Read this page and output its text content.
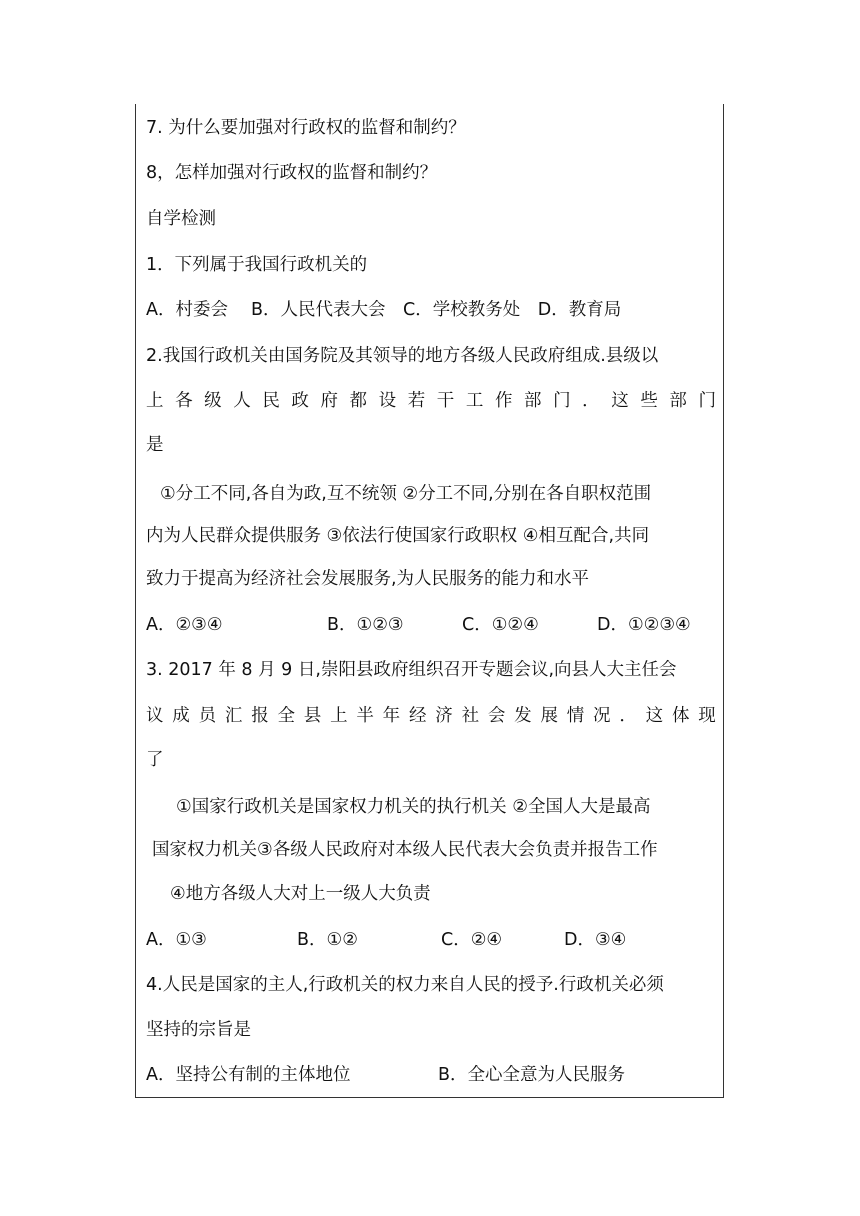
7. 为什么要加强对行政权的监督和制约？
8，怎样加强对行政权的监督和制约？
自学检测
1．下列属于我国行政机关的
A．村委会　 B．人民代表大会　C．学校教务处　D．教育局
2.我国行政机关由国务院及其领导的地方各级人民政府组成.县级以
上 各 级 人 民 政 府 都 设 若 干 工 作 部 门 ． 这 些 部 门
是
①分工不同,各自为政,互不统领 ②分工不同,分别在各自职权范围
内为人民群众提供服务 ③依法行使国家行政职权 ④相互配合,共同
致力于提高为经济社会发展服务,为人民服务的能力和水平
A．②③④	B．①②③	C．①②④	D．①②③④
3. 2017 年 8 月 9 日,崇阳县政府组织召开专题会议,向县人大主任会
议 成 员 汇 报 全 县 上 半 年 经 济 社 会 发 展 情 况 ． 这 体 现
了
①国家行政机关是国家权力机关的执行机关 ②全国人大是最高
国家权力机关③各级人民政府对本级人民代表大会负责并报告工作
④地方各级人大对上一级人大负责
A．①③	B．①②	C．②④	D．③④
4.人民是国家的主人,行政机关的权力来自人民的授予.行政机关必须
坚持的宗旨是
A．坚持公有制的主体地位	B．全心全意为人民服务
